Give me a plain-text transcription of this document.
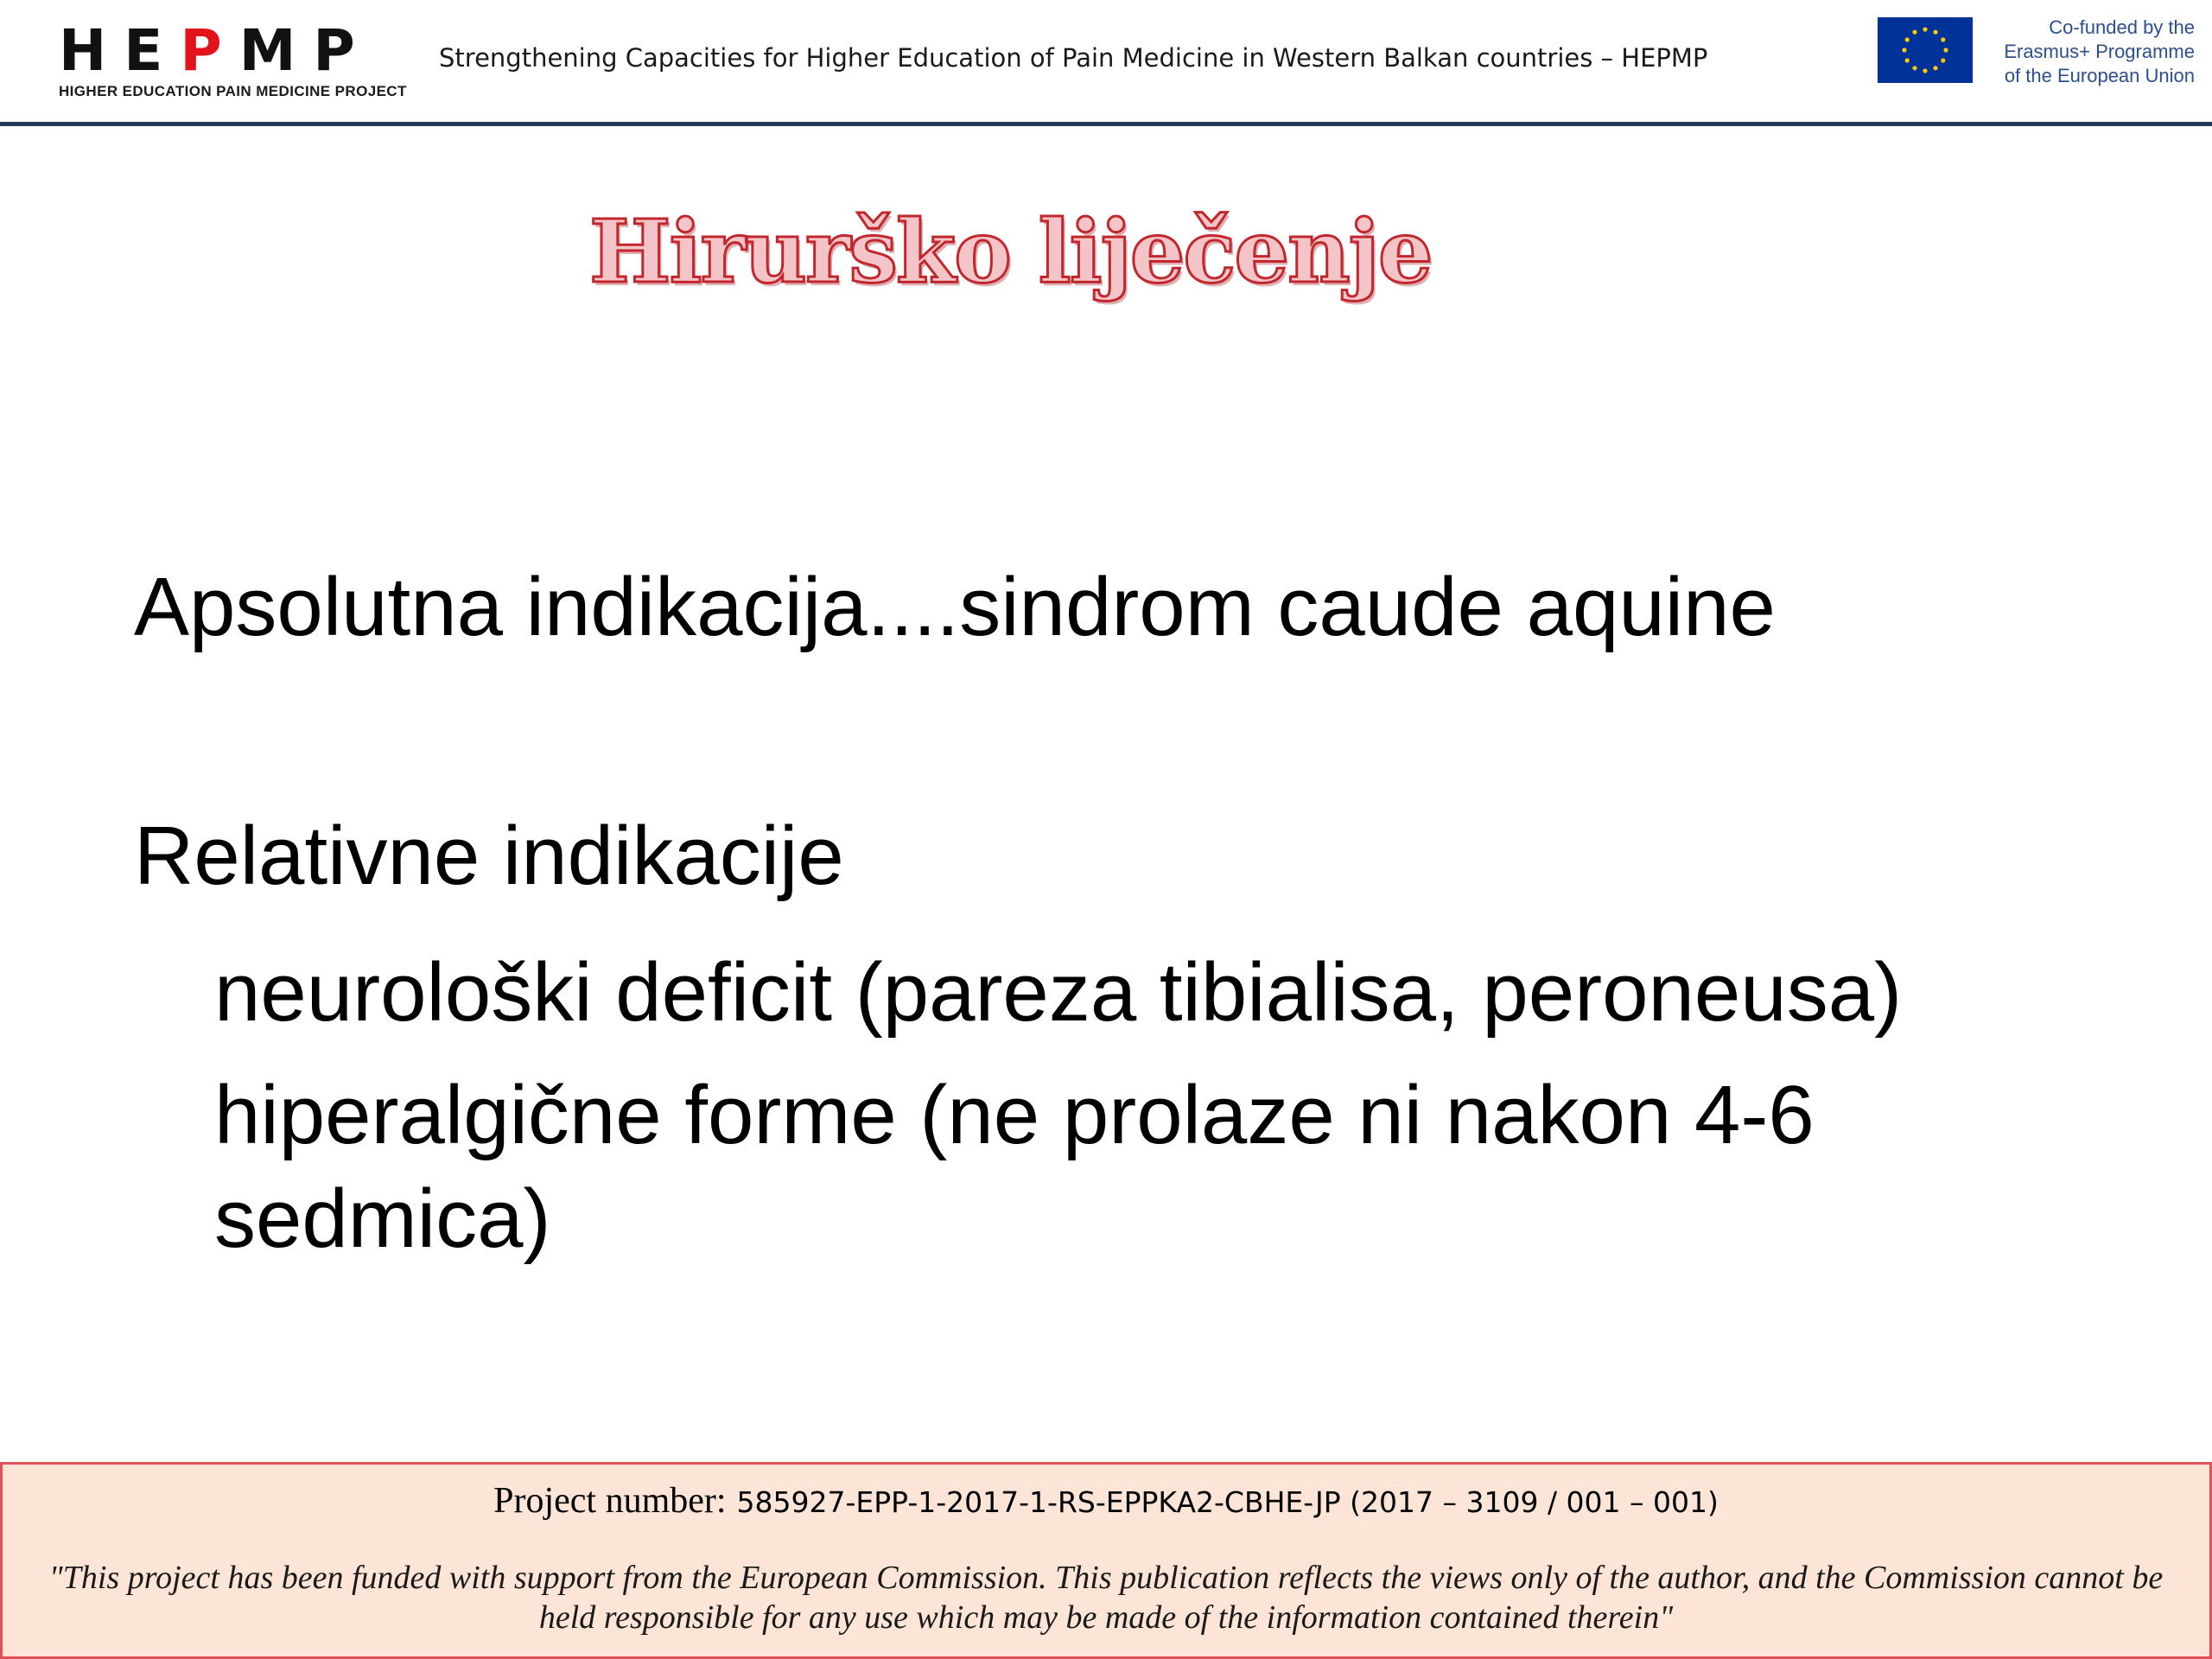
HEPMP
HIGHER EDUCATION PAIN MEDICINE PROJECT
Strengthening Capacities for Higher Education of Pain Medicine in Western Balkan countries – HEPMP
Co-funded by the
Erasmus+ Programme
of the European Union
Hirurško liječenje
Apsolutna indikacija....sindrom caude aquine
Relativne indikacije
neurološki deficit (pareza tibialisa, peroneusa)
hiperalgične forme (ne prolaze ni nakon 4-6
sedmica)
Project number: 585927-EPP-1-2017-1-RS-EPPKA2-CBHE-JP (2017 – 3109 / 001 – 001)
"This project has been funded with support from the European Commission. This publication reflects the views only of the author, and the Commission cannot be held responsible for any use which may be made of the information contained therein"
